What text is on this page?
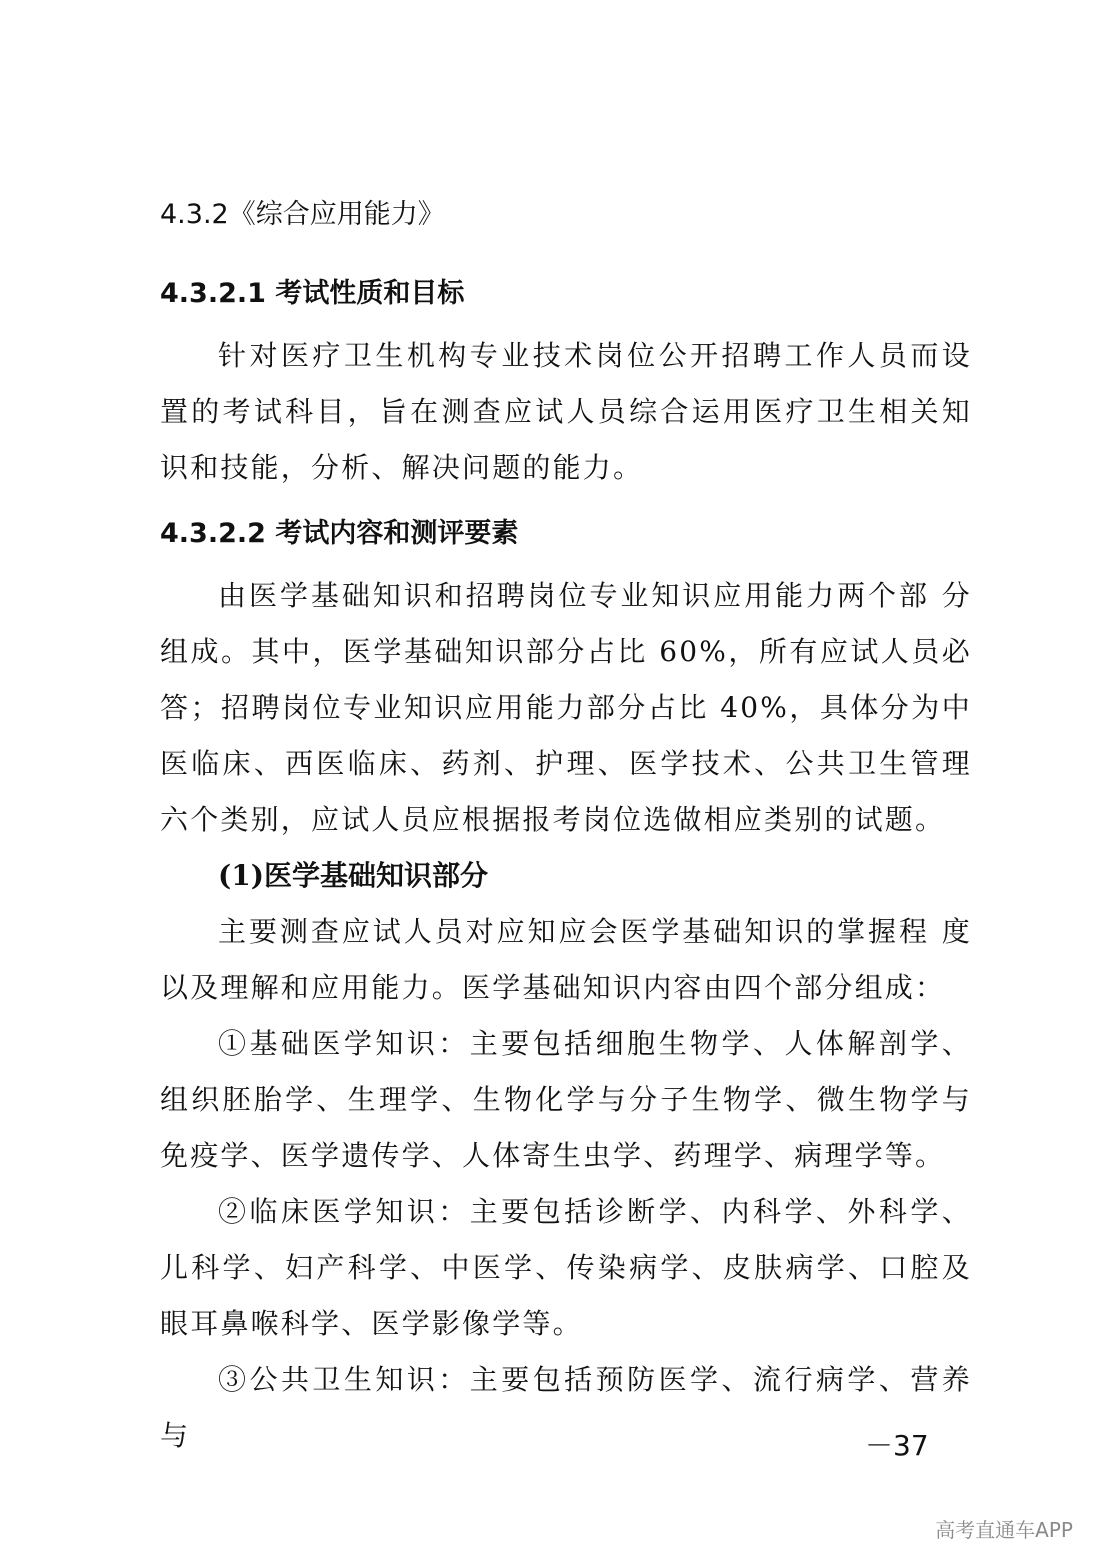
4.3.2《综合应用能力》
4.3.2.1 考试性质和目标

针对医疗卫生机构专业技术岗位公开招聘工作人员而设置的考试科目，旨在测查应试人员综合运用医疗卫生相关知识和技能，分析、解决问题的能力。

4.3.2.2 考试内容和测评要素

由医学基础知识和招聘岗位专业知识应用能力两个部 分组成。其中，医学基础知识部分占比 60%，所有应试人员必答；招聘岗位专业知识应用能力部分占比 40%，具体分为中医临床、西医临床、药剂、护理、医学技术、公共卫生管理六个类别，应试人员应根据报考岗位选做相应类别的试题。

(1)医学基础知识部分

主要测查应试人员对应知应会医学基础知识的掌握程 度以及理解和应用能力。医学基础知识内容由四个部分组成：

①基础医学知识：主要包括细胞生物学、人体解剖学、组织胚胎学、生理学、生物化学与分子生物学、微生物学与免疫学、医学遗传学、人体寄生虫学、药理学、病理学等。

②临床医学知识：主要包括诊断学、内科学、外科学、儿科学、妇产科学、中医学、传染病学、皮肤病学、口腔及眼耳鼻喉科学、医学影像学等。

③公共卫生知识：主要包括预防医学、流行病学、营养与	－37
高考直通车APP
